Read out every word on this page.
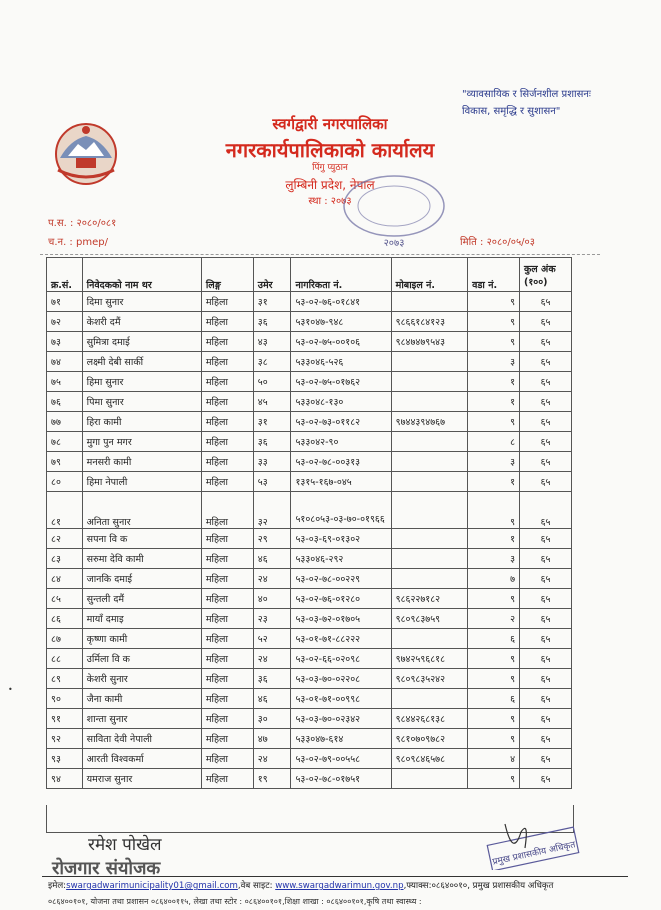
"व्यावसायिक र सिर्जनशील प्रशासनः
विकास, समृद्धि र सुशासन"
स्वर्गद्वारी नगरपालिका
नगरकार्यपालिकाको कार्यालय
पिंगु प्युठान
लुम्बिनी प्रदेश, नेपाल
स्था : २०७३
२०७३
प.स. : २०८०/०८१
च.न. : pmep/	मिति : २०८०/०५/०३
क्र.सं.	निवेदकको नाम थर	लिङ्ग	उमेर	नागरिकता नं.	मोबाइल नं.	वडा नं.	कुल अंक
(१००)

७१	दिमा सुनार	महिला	३१	५३-०२-७६-०१८४१		९	६५
७२	केशरी दमैं	महिला	३६	५३१०४७-९४८	९८६६१८४१२३	९	६५
७३	सुमित्रा दमाई	महिला	४३	५३-०२-७५-००१०६	९८४७४७९५४३	९	६५
७४	लक्ष्मी देबी सार्की	महिला	३८	५३३०४६-५२६		३	६५
७५	हिमा सुनार	महिला	५०	५३-०२-७५-०१७६२		१	६५
७६	पिमा सुनार	महिला	४५	५३३०४८-१३०		१	६५
७७	हिरा कामी	महिला	३१	५३-०२-७३-०११८२	९७४४३९४७६७	९	६५
७८	मुगा पुन मगर	महिला	३६	५३३०४२-९०		८	६५
७९	मनसरी कामी	महिला	३३	५३-०२-७८-००३१३		३	६५
८०	हिमा नेपाली	महिला	५३	१३१५-१६७-०४५		१	६५
८१	अनिता सुनार	महिला	३२	५१०८०५३-०३-७०-०१९६६		९	६५
८२	सपना वि क	महिला	२९	५३-०३-६९-०१३०२		१	६५
८३	सरुमा देवि कामी	महिला	४६	५३३०४६-२९२		३	६५
८४	जानकि दमाई	महिला	२४	५३-०२-७८-००२२९		७	६५
८५	सुन्तली दमैं	महिला	४०	५३-०२-७६-०१२८०	९८६२२७१८२	९	६५
८६	मायाँ दमाइ	महिला	२३	५३-०३-७२-०१७०५	९८०९८३७५९	२	६५
८७	कृष्णा कामी	महिला	५२	५३-०१-७१-८८२२२		६	६५
८८	उर्मिला वि क	महिला	२४	५३-०२-६६-०२०९८	९७४२५९६८१८	९	६५
८९	केशरी सुनार	महिला	३६	५३-०३-७०-०२२०८	९८०९८३५२४२	९	६५
९०	जैना कामी	महिला	४६	५३-०१-७१-००९९८		६	६५
९१	शान्ता सुनार	महिला	३०	५३-०३-७०-०२३४२	९८४४२६८१३८	९	६५
९२	साविता देवी नेपाली	महिला	४७	५३३०४७-६१४	९८१०७०९७८२	९	६५
९३	आरती विश्वकर्मा	महिला	२४	५३-०२-७९-००५५८	९८०९८४६५७८	४	६५
९४	यमराज सुनार	महिला	१९	५३-०२-७८-०१७५१		९	६५
रमेश पोखेल
रोजगार संयोजक
प्रमुख प्रशासकीय अधिकृत
इमेल:swargadwarimunicipality01@gmail.com,वेब साइट: www.swargadwarimun.gov.np,फ्याक्स:०८६४००१०, प्रमुख प्रशासकीय अधिकृत
०८६४००१०१, योजना तथा प्रशासन ०८६४००११५, लेखा तथा स्टोर : ०८६४००१०१,शिक्षा शाखा : ०८६४००१०१,कृषि तथा स्वास्थ्य :
•
